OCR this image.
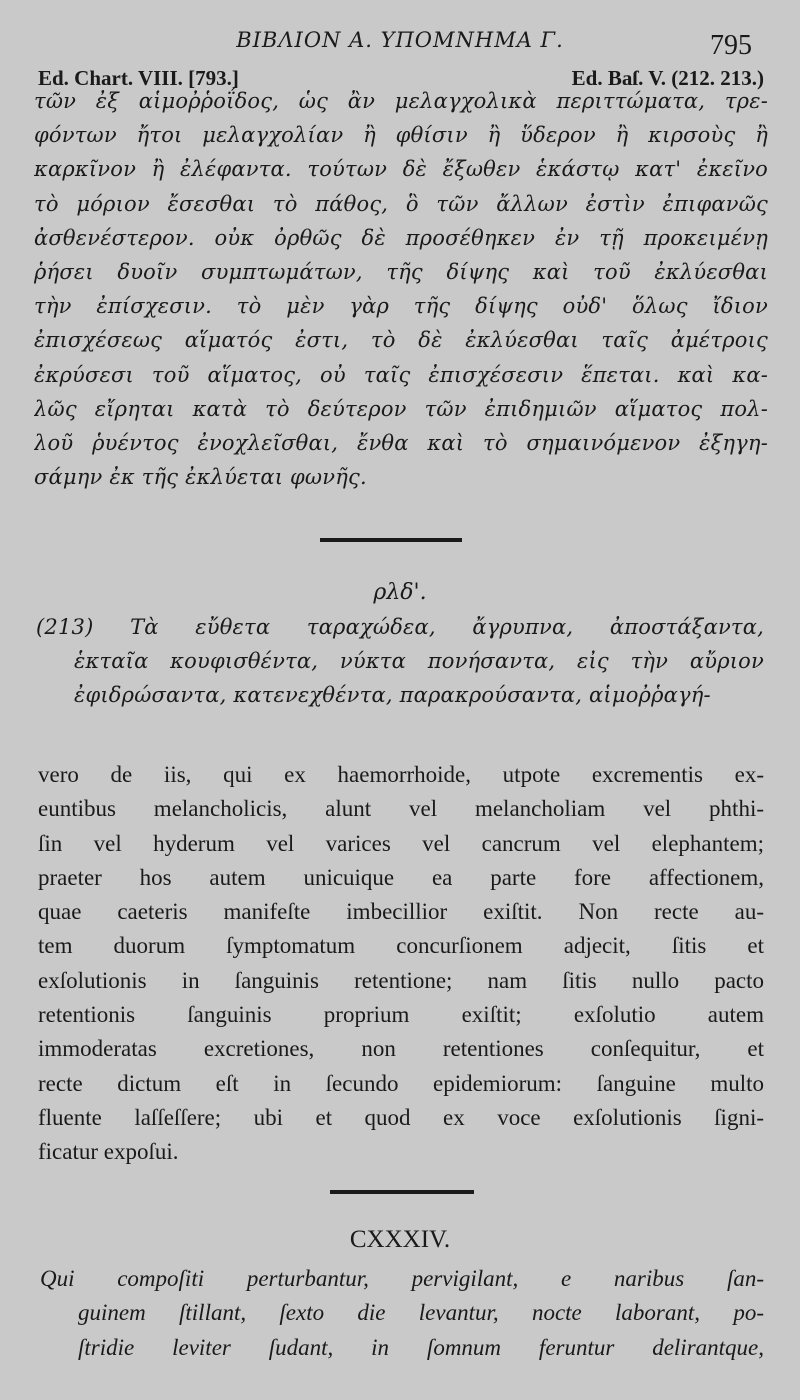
ΒΙΒΛΙΟΝ Α. ΥΠΟΜΝΗΜΑ Γ.	795
Ed. Chart. VIII. [793.]	Ed. Baſ. V. (212. 213.)
τῶν ἐξ αἱμοῤῥοΐδος, ὡς ἂν μελαγχολικὰ περιττώματα, τρε-
φόντων ἤτοι μελαγχολίαν ἢ φθίσιν ἢ ὕδερον ἢ κιρσοὺς ἢ
καρκῖνον ἢ ἐλέφαντα. τούτων δὲ ἔξωθεν ἑκάστῳ κατ' ἐκεῖνο
τὸ μόριον ἔσεσθαι τὸ πάθος, ὃ τῶν ἄλλων ἐστὶν ἐπιφανῶς
ἀσθενέστερον. οὐκ ὀρθῶς δὲ προσέθηκεν ἐν τῇ προκειμένῃ
ῥήσει δυοῖν συμπτωμάτων, τῆς δίψης καὶ τοῦ ἐκλύεσθαι
τὴν ἐπίσχεσιν. τὸ μὲν γὰρ τῆς δίψης οὐδ' ὅλως ἴδιον
ἐπισχέσεως αἵματός ἐστι, τὸ δὲ ἐκλύεσθαι ταῖς ἀμέτροις
ἐκρύσεσι τοῦ αἵματος, οὐ ταῖς ἐπισχέσεσιν ἕπεται. καὶ κα-
λῶς εἴρηται κατὰ τὸ δεύτερον τῶν ἐπιδημιῶν αἵματος πολ-
λοῦ ῥυέντος ἐνοχλεῖσθαι, ἔνθα καὶ τὸ σημαινόμενον ἐξηγη-
σάμην ἐκ τῆς ἐκλύεται φωνῆς.
ρλδ'.
(213) Τὰ εὔθετα ταραχώδεα, ἄγρυπνα, ἀποστάξαντα,
ἑκταῖα κουφισθέντα, νύκτα πονήσαντα, εἰς τὴν αὔριον
ἐφιδρώσαντα, κατενεχθέντα, παρακρούσαντα, αἱμοῤῥαγή-
vero de iis, qui ex haemorrhoide, utpote excrementis ex-
euntibus melancholicis, alunt vel melancholiam vel phthi-
ſin vel hyderum vel varices vel cancrum vel elephantem;
praeter hos autem unicuique ea parte fore affectionem,
quae caeteris manifeſte imbecillior exiſtit. Non recte au-
tem duorum ſymptomatum concurſionem adjecit, ſitis et
exſolutionis in ſanguinis retentione; nam ſitis nullo pacto
retentionis ſanguinis proprium exiſtit; exſolutio autem
immoderatas excretiones, non retentiones conſequitur, et
recte dictum eſt in ſecundo epidemiorum: ſanguine multo
fluente laſſeſſere; ubi et quod ex voce exſolutionis ſigni-
ficatur expoſui.
CXXXIV.
Qui compoſiti perturbantur, pervigilant, e naribus ſan-
guinem ſtillant, ſexto die levantur, nocte laborant, po-
ſtridie leviter ſudant, in ſomnum feruntur delirantque,
